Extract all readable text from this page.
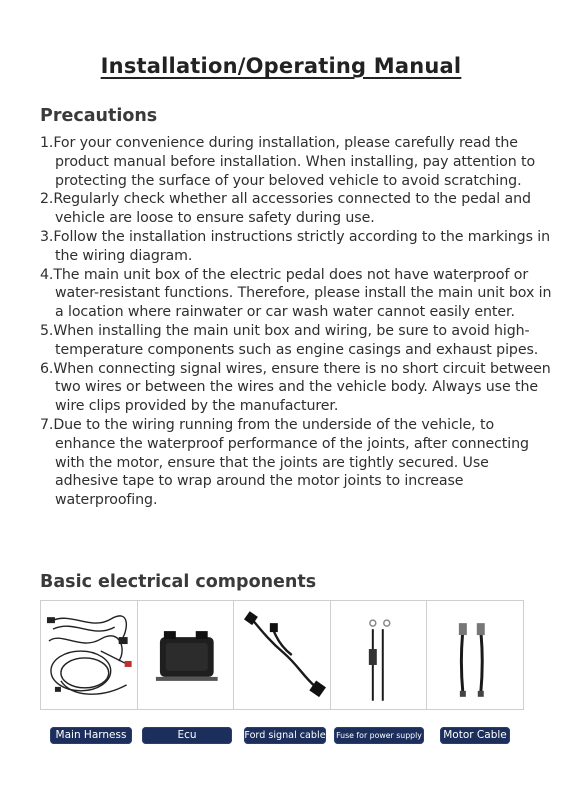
Installation/Operating Manual
Precautions
1.For your convenience during installation, please carefully read the product manual before installation. When installing, pay attention to protecting the surface of your beloved vehicle to avoid scratching.
2.Regularly check whether all accessories connected to the pedal and vehicle are loose to ensure safety during use.
3.Follow the installation instructions strictly according to the markings in the wiring diagram.
4.The main unit box of the electric pedal does not have waterproof or water-resistant functions. Therefore, please install the main unit box in a location where rainwater or car wash water cannot easily enter.
5.When installing the main unit box and wiring, be sure to avoid high-temperature components such as engine casings and exhaust pipes.
6.When connecting signal wires, ensure there is no short circuit between two wires or between the wires and the vehicle body. Always use the wire clips provided by the manufacturer.
7.Due to the wiring running from the underside of the vehicle, to enhance the waterproof performance of the joints, after connecting with the motor, ensure that the joints are tightly secured. Use adhesive tape to wrap around the motor joints to increase waterproofing.
Basic electrical components
Main Harness	Ecu	Ford signal cable Fuse for power supply	Motor Cable
